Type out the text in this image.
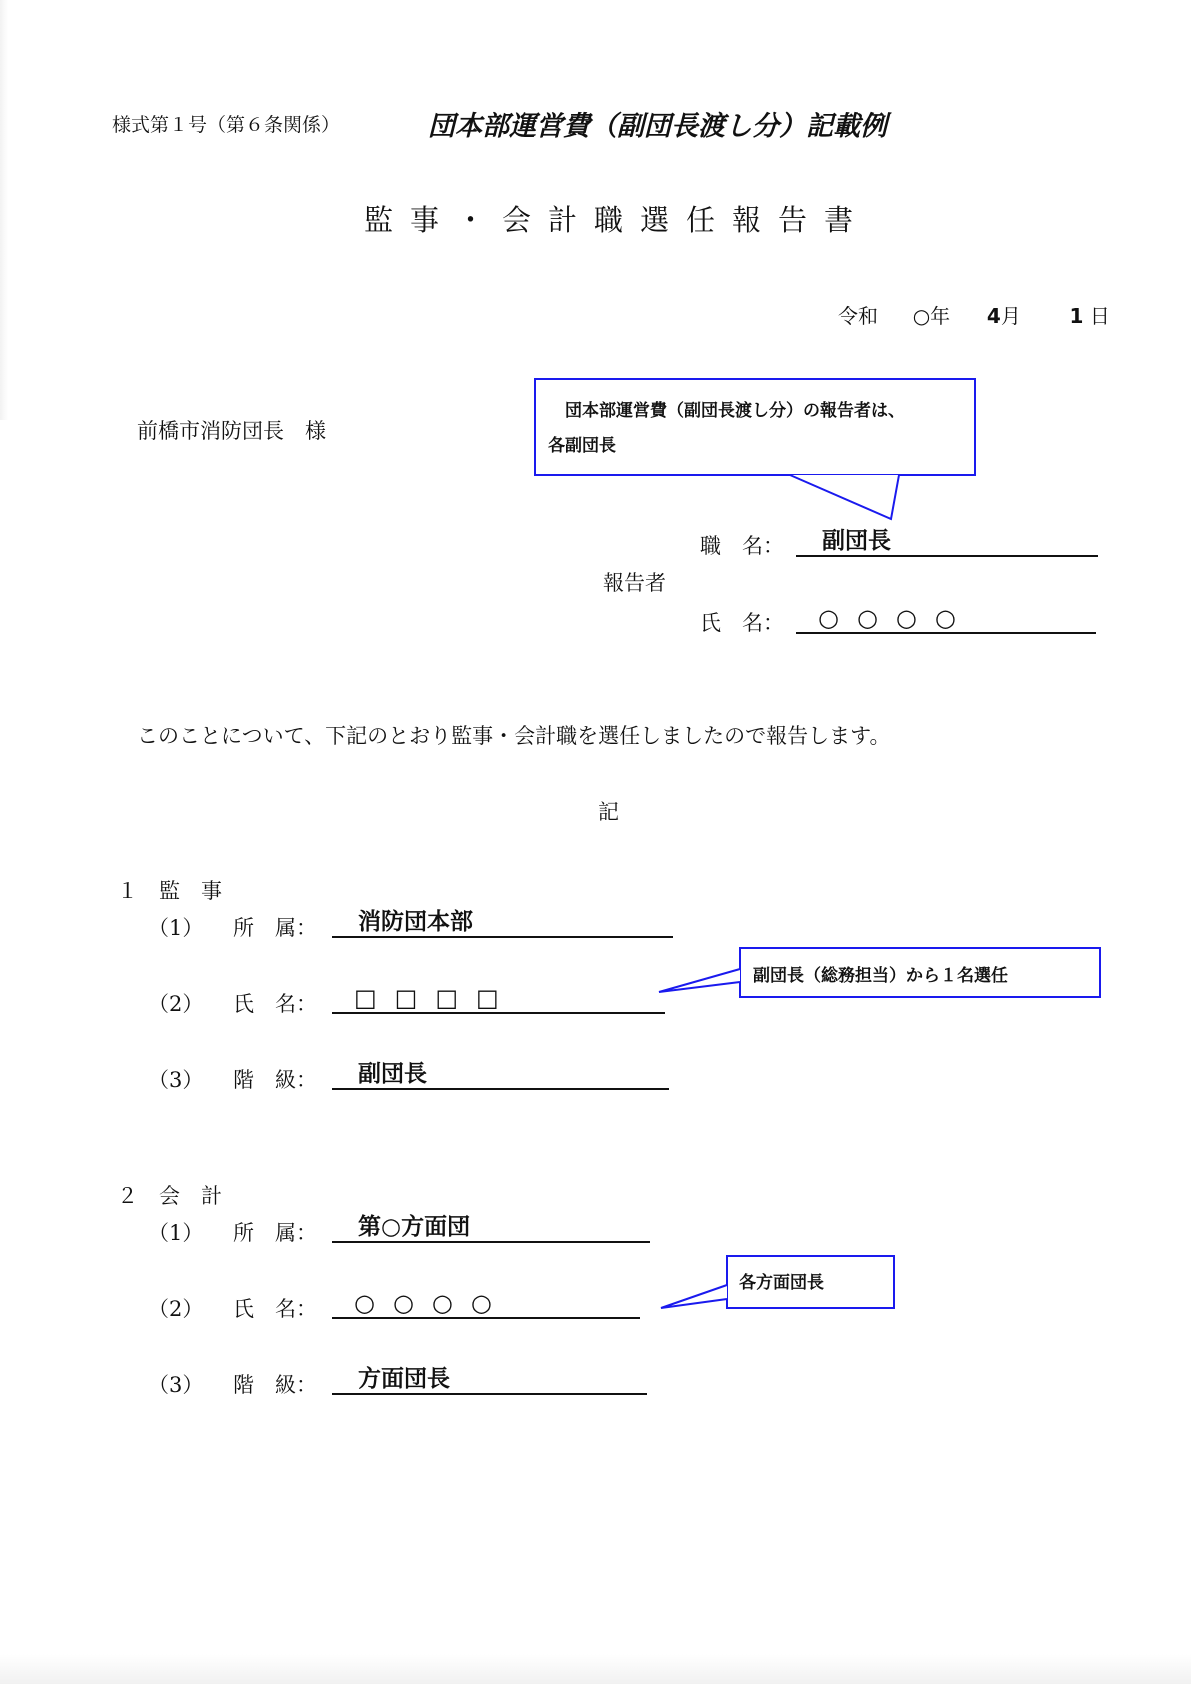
様式第１号（第６条関係）	団本部運営費（副団長渡し分）記載例
監事・会計職選任報告書
令和 ○年 4月 1 日
前橋市消防団長　様
　団本部運営費（副団長渡し分）の報告者は、
各副団長
報告者
職　名：	副団長
氏　名：	○○○○
このことについて、下記のとおり監事・会計職を選任しましたので報告します。
記
１　監　事
（1） 所　属：	消防団本部
（2） 氏　名：	□□□□
（3） 階　級：	副団長
副団長（総務担当）から１名選任
２　会　計
（1） 所　属：	第○方面団
（2） 氏　名：	○○○○
（3） 階　級：	方面団長
各方面団長
